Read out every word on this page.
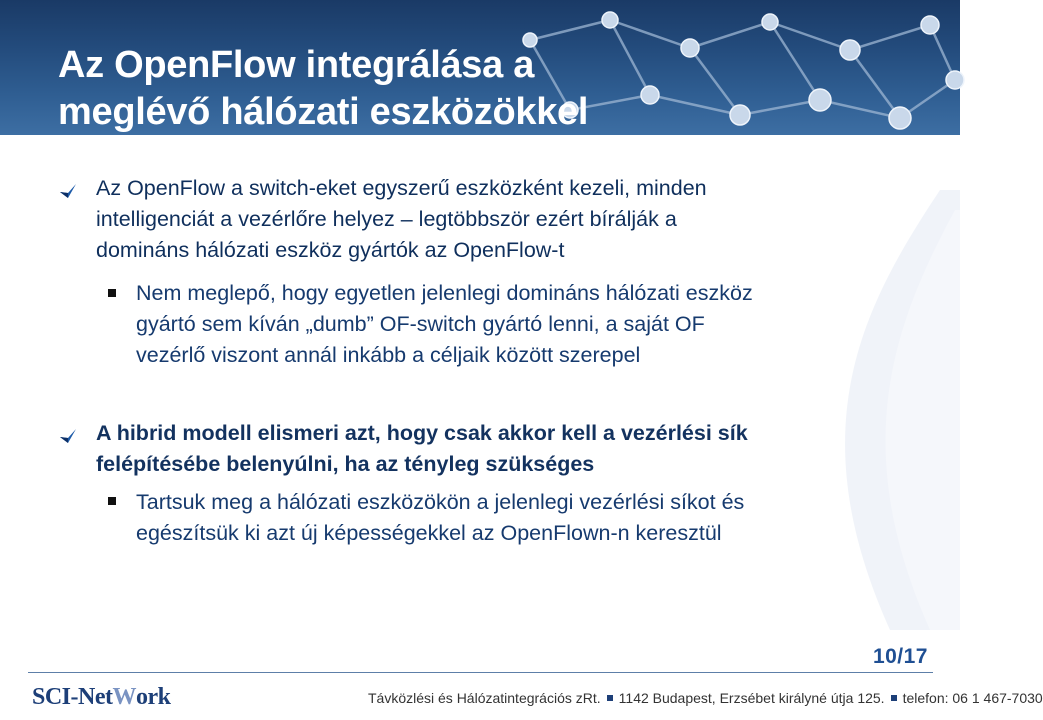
Az OpenFlow integrálása a
meglévő hálózati eszközökkel
Az OpenFlow a switch-eket egyszerű eszközként kezeli, minden
intelligenciát a vezérlőre helyez – legtöbbször ezért bírálják a
domináns hálózati eszköz gyártók az OpenFlow-t
Nem meglepő, hogy egyetlen jelenlegi domináns hálózati eszköz
gyártó sem kíván „dumb” OF-switch gyártó lenni, a saját OF
vezérlő viszont annál inkább a céljaik között szerepel
A hibrid modell elismeri azt, hogy csak akkor kell a vezérlési sík
felépítésébe belenyúlni, ha az tényleg szükséges
Tartsuk meg a hálózati eszközökön a jelenlegi vezérlési síkot és
egészítsük ki azt új képességekkel az OpenFlown-n keresztül
10/17
SCI-Net W ork	Távközlési és Hálózatintegrációs zRt. 1142 Budapest, Erzsébet királyné útja 125. telefon: 06 1 467-7030
